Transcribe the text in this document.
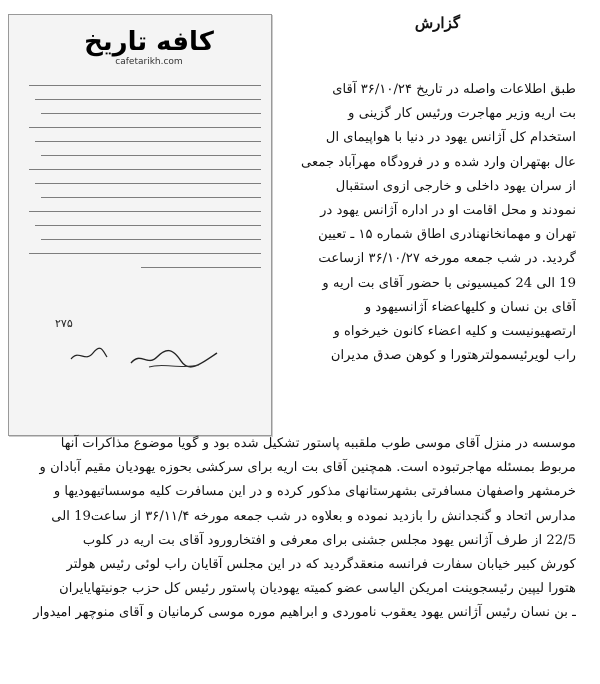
کافه تاریخ
cafetarikh.com
۲۷۵
گزارش
طبق اطلاعات واصله در تاریخ ۳۶/۱۰/۲۴ آقای
بت اریه وزیر مهاجرت ورئیس کار گزینی و
استخدام کل آژانس یهود در دنیا با هواپیمای ال
عال بهتهران وارد شده و در فرودگاه مهرآباد جمعی
از سران یهود داخلی و خارجی ازوی استقبال
نمودند و محل اقامت او در اداره آژانس یهود در
تهران و مهمانخانهنادری اطاق شماره ۱۵ ـ تعیین
گردید. در شب جمعه مورخه ۳۶/۱۰/۲۷ ازساعت
19 الی 24 کمیسیونی با حضور آقای بت اریه و
آقای بن نسان و کلیهاعضاء آژانسیهود و
ارتصهیونیست و کلیه اعضاء کانون خیرخواه و
راب لویرئیسمولترهتورا و کوهن صدق مدیران
موسسه در منزل آقای موسی طوب ملقببه پاستور تشکیل شده بود و گویا موضوع مذاکرات آنها
مربوط بمسئله مهاجرتبوده است. همچنین آقای بت اریه برای سرکشی بحوزه یهودیان مقیم آبادان و
خرمشهر واصفهان مسافرتی بشهرستانهای مذکور کرده و در این مسافرت کلیه موسساتیهودیها و
مدارس اتحاد و گنجدانش را بازدید نموده و بعلاوه در شب جمعه مورخه ۳۶/۱۱/۴ از ساعت19 الی
22/5 از طرف آژانس یهود مجلس جشنی برای معرفی و افتخارورود آقای بت اریه در کلوب
کورش کبیر خیابان سفارت فرانسه منعقدگردید که در این مجلس آقایان راب لوئی رئیس هولتر
هتورا لیپین رئیسجوینت امریکن الیاسی عضو کمیته یهودیان پاستور رئیس کل حزب جونیتهایایران
ـ بن نسان رئیس آژانس یهود یعقوب ناموردی و ابراهیم موره موسی کرمانیان و آقای منوچهر امیدوار
